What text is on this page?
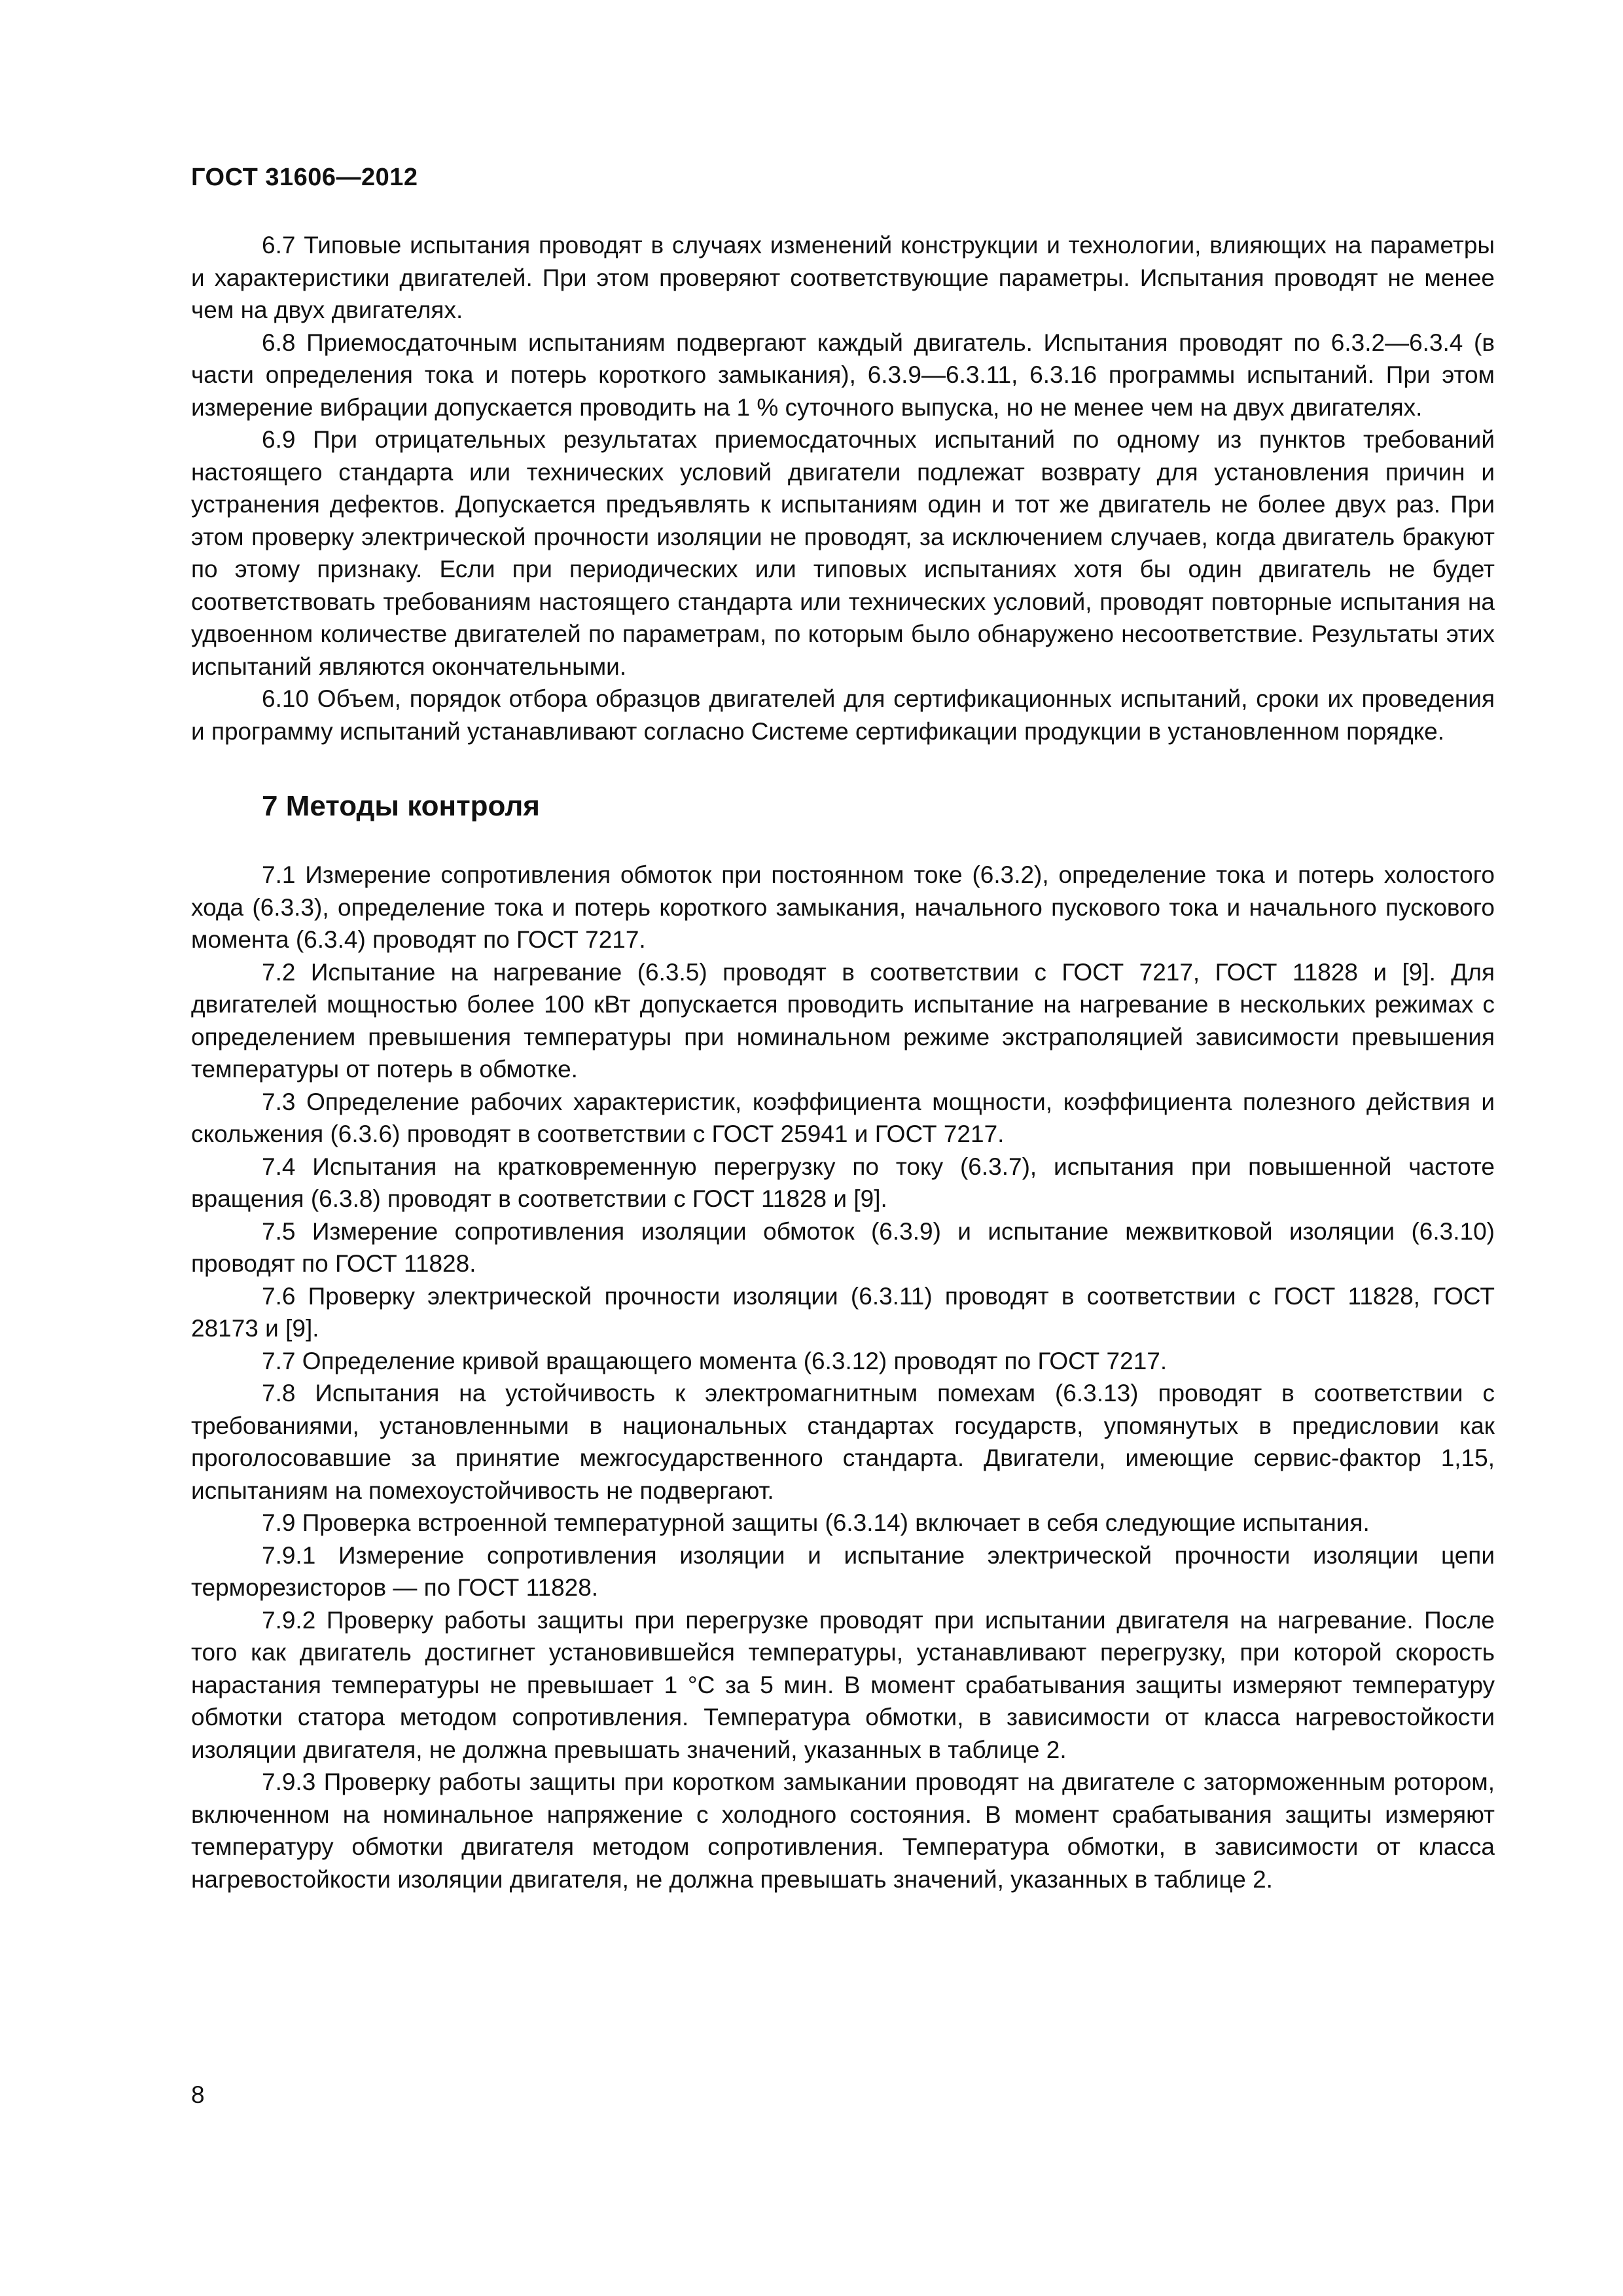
ГОСТ 31606—2012

6.7 Типовые испытания проводят в случаях изменений конструкции и технологии, влияющих на параметры и характеристики двигателей. При этом проверяют соответствующие параметры. Испытания проводят не менее чем на двух двигателях.

6.8 Приемосдаточным испытаниям подвергают каждый двигатель. Испытания проводят по 6.3.2—6.3.4 (в части определения тока и потерь короткого замыкания), 6.3.9—6.3.11, 6.3.16 программы испытаний. При этом измерение вибрации допускается проводить на 1 % суточного выпуска, но не менее чем на двух двигателях.

6.9 При отрицательных результатах приемосдаточных испытаний по одному из пунктов требований настоящего стандарта или технических условий двигатели подлежат возврату для установления причин и устранения дефектов. Допускается предъявлять к испытаниям один и тот же двигатель не более двух раз. При этом проверку электрической прочности изоляции не проводят, за исключением случаев, когда двигатель бракуют по этому признаку. Если при периодических или типовых испытаниях хотя бы один двигатель не будет соответствовать требованиям настоящего стандарта или технических условий, проводят повторные испытания на удвоенном количестве двигателей по параметрам, по которым было обнаружено несоответствие. Результаты этих испытаний являются окончательными.

6.10 Объем, порядок отбора образцов двигателей для сертификационных испытаний, сроки их проведения и программу испытаний устанавливают согласно Системе сертификации продукции в установленном порядке.

7 Методы контроля

7.1 Измерение сопротивления обмоток при постоянном токе (6.3.2), определение тока и потерь холостого хода (6.3.3), определение тока и потерь короткого замыкания, начального пускового тока и начального пускового момента (6.3.4) проводят по ГОСТ 7217.

7.2 Испытание на нагревание (6.3.5) проводят в соответствии с ГОСТ 7217, ГОСТ 11828 и [9]. Для двигателей мощностью более 100 кВт допускается проводить испытание на нагревание в нескольких режимах с определением превышения температуры при номинальном режиме экстраполяцией зависимости превышения температуры от потерь в обмотке.

7.3 Определение рабочих характеристик, коэффициента мощности, коэффициента полезного действия и скольжения (6.3.6) проводят в соответствии с ГОСТ 25941 и ГОСТ 7217.

7.4 Испытания на кратковременную перегрузку по току (6.3.7), испытания при повышенной частоте вращения (6.3.8) проводят в соответствии с ГОСТ 11828 и [9].

7.5 Измерение сопротивления изоляции обмоток (6.3.9) и испытание межвитковой изоляции (6.3.10) проводят по ГОСТ 11828.

7.6 Проверку электрической прочности изоляции (6.3.11) проводят в соответствии с ГОСТ 11828, ГОСТ 28173 и [9].

7.7 Определение кривой вращающего момента (6.3.12) проводят по ГОСТ 7217.

7.8 Испытания на устойчивость к электромагнитным помехам (6.3.13) проводят в соответствии с требованиями, установленными в национальных стандартах государств, упомянутых в предисловии как проголосовавшие за принятие межгосударственного стандарта. Двигатели, имеющие сервис-фактор 1,15, испытаниям на помехоустойчивость не подвергают.

7.9 Проверка встроенной температурной защиты (6.3.14) включает в себя следующие испытания.

7.9.1 Измерение сопротивления изоляции и испытание электрической прочности изоляции цепи терморезисторов — по ГОСТ 11828.

7.9.2 Проверку работы защиты при перегрузке проводят при испытании двигателя на нагревание. После того как двигатель достигнет установившейся температуры, устанавливают перегрузку, при которой скорость нарастания температуры не превышает 1 °С за 5 мин. В момент срабатывания защиты измеряют температуру обмотки статора методом сопротивления. Температура обмотки, в зависимости от класса нагревостойкости изоляции двигателя, не должна превышать значений, указанных в таблице 2.

7.9.3 Проверку работы защиты при коротком замыкании проводят на двигателе с заторможенным ротором, включенном на номинальное напряжение с холодного состояния. В момент срабатывания защиты измеряют температуру обмотки двигателя методом сопротивления. Температура обмотки, в зависимости от класса нагревостойкости изоляции двигателя, не должна превышать значений, указанных в таблице 2.

8
